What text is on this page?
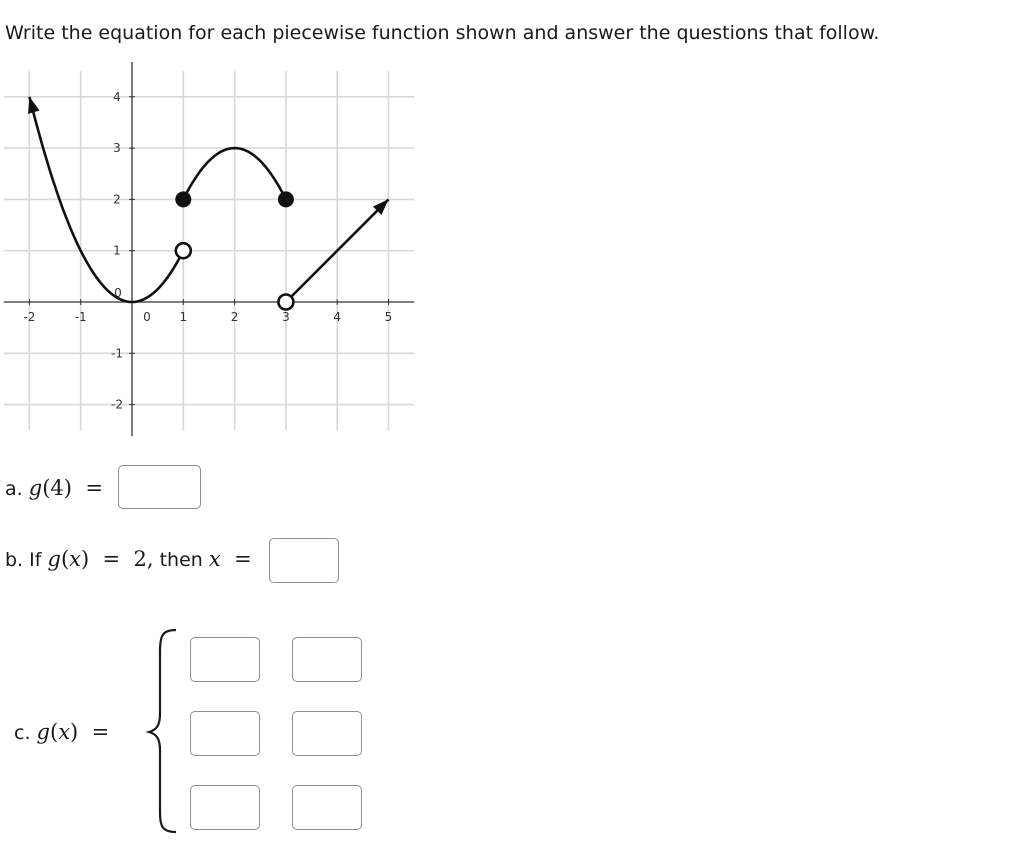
Write the equation for each piecewise function shown and answer the questions that follow.
-2	-1	0 1	2	3	4	5
4
3
2
1
0
-1
-2
a. g(4)  =
b. If g(x)  = 2, then x =
c. g(x)  =
